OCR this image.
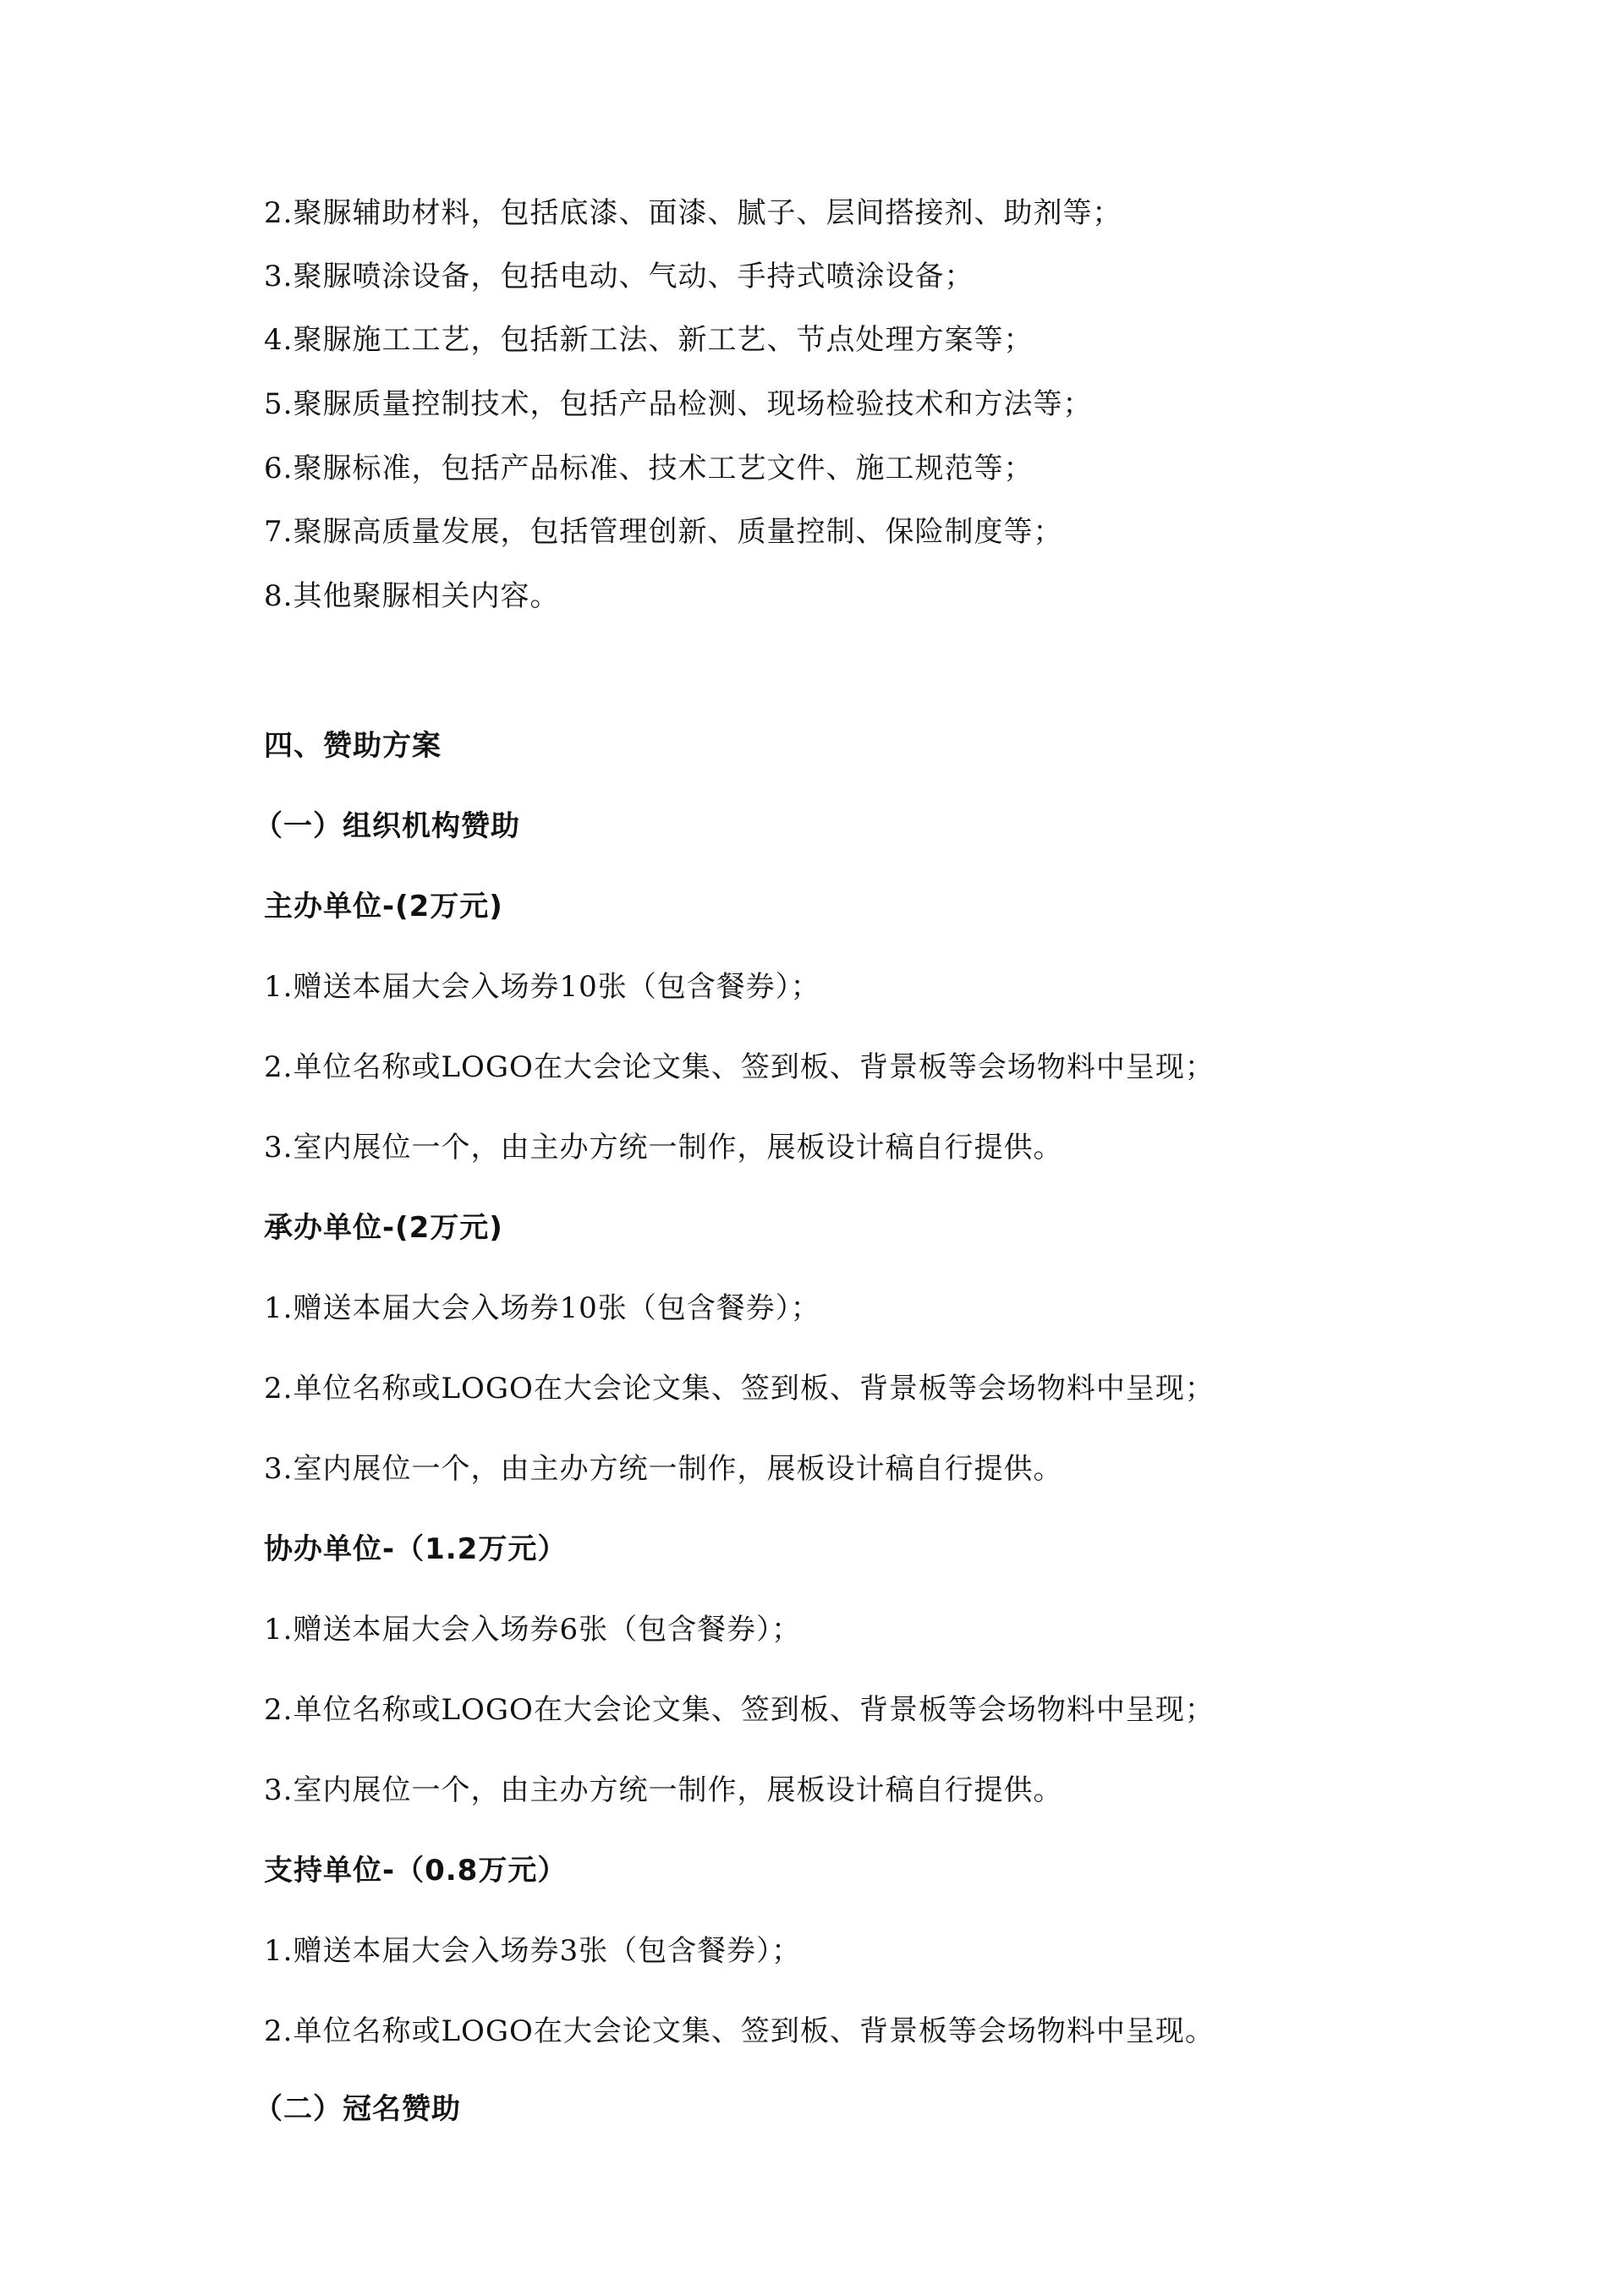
2.聚脲辅助材料，包括底漆、面漆、腻子、层间搭接剂、助剂等；
3.聚脲喷涂设备，包括电动、气动、手持式喷涂设备；
4.聚脲施工工艺，包括新工法、新工艺、节点处理方案等；
5.聚脲质量控制技术，包括产品检测、现场检验技术和方法等；
6.聚脲标准，包括产品标准、技术工艺文件、施工规范等；
7.聚脲高质量发展，包括管理创新、质量控制、保险制度等；
8.其他聚脲相关内容。
四、赞助方案
（一）组织机构赞助
主办单位-(2万元)
1.赠送本届大会入场券10张（包含餐券）；
2.单位名称或LOGO在大会论文集、签到板、背景板等会场物料中呈现；
3.室内展位一个，由主办方统一制作，展板设计稿自行提供。
承办单位-(2万元)
1.赠送本届大会入场券10张（包含餐券）；
2.单位名称或LOGO在大会论文集、签到板、背景板等会场物料中呈现；
3.室内展位一个，由主办方统一制作，展板设计稿自行提供。
协办单位-（1.2万元）
1.赠送本届大会入场券6张（包含餐券）；
2.单位名称或LOGO在大会论文集、签到板、背景板等会场物料中呈现；
3.室内展位一个，由主办方统一制作，展板设计稿自行提供。
支持单位-（0.8万元）
1.赠送本届大会入场券3张（包含餐券）；
2.单位名称或LOGO在大会论文集、签到板、背景板等会场物料中呈现。
（二）冠名赞助
